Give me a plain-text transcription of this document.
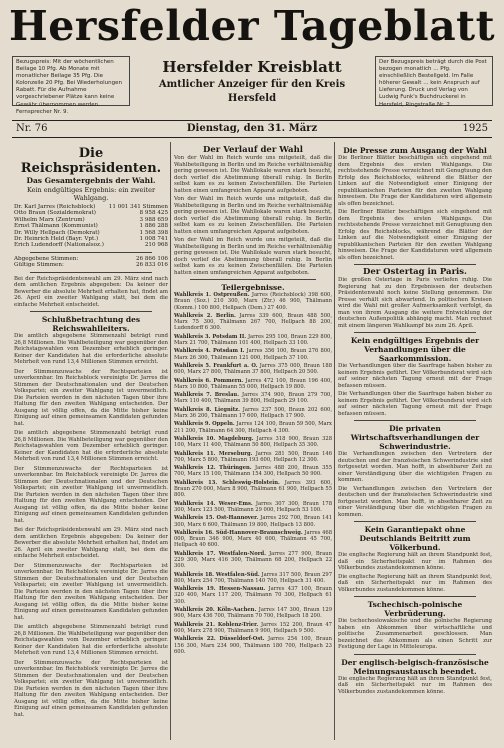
Hersfelder Tageblatt
Bezugspreis: Mit der wöchentlichen Beilage 10 Pfg. Ab Monate mit monatlicher Beilage 35 Pfg. Die Kolonzeile 20 Pfg. Bei Wiederholungen Rabatt. Für die Aufnahme vorgeschriebener Plätze kann keine Gewähr übernommen werden. Fernsprecher Nr. 9.
Hersfelder Kreisblatt
Amtlicher Anzeiger für den Kreis Hersfeld
Der Bezugspreis beträgt durch die Post bezogen monatlich ... Pfg. einschließlich Bestellgeld. Im Falle höherer Gewalt ... kein Anspruch auf Lieferung. Druck und Verlag von Ludwig Funk's Buchdruckerei in Hersfeld, Ringstraße Nr. 2.
Nr. 76	Dienstag, den 31. März	1925
Die Reichspräsidenten.
Das Gesamtergebnis der Wahl.
Kein endgültiges Ergebnis: ein zweiter Wahlgang.
Dr. Karl Jarres (Reichsblock) 11 001 341 Stimmen
Otto Braun (Sozialdemokrat)	8 958 425
Wilhelm Marx (Zentrum)	3 988 659
Ernst Thälmann (Kommunist)	1 886 288
Dr. Willy Hellpach (Demokrat)	1 568 398
Dr. Heinrich Held (Bayr. Vpt.)	1 008 741
Erich Ludendorff (Nationalsoz.)	210 968
Abgegebene Stimmen:	26 866 106
Gültige Stimmen:	26 833 016

Bei der Reichspräsidentenwahl am 29. März sind nach dem amtlichen Ergebnis abgegeben: Da keiner der Bewerber die absolute Mehrheit erhalten hat, findet am 26. April ein zweiter Wahlgang statt, bei dem die einfache Mehrheit entscheidet.

Schlußbetrachtung des Reichswahlleiters.

Die amtlich abgegebene Stimmenzahl beträgt rund 26,8 Millionen. Die Wahlbeteiligung war gegenüber den Reichstagswahlen vom Dezember erheblich geringer. Keiner der Kandidaten hat die erforderliche absolute Mehrheit von rund 13,4 Millionen Stimmen erreicht.

Der Stimmenzuwachs der Rechtsparteien ist unverkennbar. Im Reichsblock vereinigte Dr. Jarres die Stimmen der Deutschnationalen und der Deutschen Volkspartei; ein zweiter Wahlgang ist unvermeidlich. Die Parteien werden in den nächsten Tagen über ihre Haltung für den zweiten Wahlgang entscheiden. Der Ausgang ist völlig offen, da die Mitte bisher keine Einigung auf einen gemeinsamen Kandidaten gefunden hat.

Die amtlich abgegebene Stimmenzahl beträgt rund 26,8 Millionen. Die Wahlbeteiligung war gegenüber den Reichstagswahlen vom Dezember erheblich geringer. Keiner der Kandidaten hat die erforderliche absolute Mehrheit von rund 13,4 Millionen Stimmen erreicht.

Der Stimmenzuwachs der Rechtsparteien ist unverkennbar. Im Reichsblock vereinigte Dr. Jarres die Stimmen der Deutschnationalen und der Deutschen Volkspartei; ein zweiter Wahlgang ist unvermeidlich. Die Parteien werden in den nächsten Tagen über ihre Haltung für den zweiten Wahlgang entscheiden. Der Ausgang ist völlig offen, da die Mitte bisher keine Einigung auf einen gemeinsamen Kandidaten gefunden hat.

Bei der Reichspräsidentenwahl am 29. März sind nach dem amtlichen Ergebnis abgegeben: Da keiner der Bewerber die absolute Mehrheit erhalten hat, findet am 26. April ein zweiter Wahlgang statt, bei dem die einfache Mehrheit entscheidet.

Der Stimmenzuwachs der Rechtsparteien ist unverkennbar. Im Reichsblock vereinigte Dr. Jarres die Stimmen der Deutschnationalen und der Deutschen Volkspartei; ein zweiter Wahlgang ist unvermeidlich. Die Parteien werden in den nächsten Tagen über ihre Haltung für den zweiten Wahlgang entscheiden. Der Ausgang ist völlig offen, da die Mitte bisher keine Einigung auf einen gemeinsamen Kandidaten gefunden hat.

Die amtlich abgegebene Stimmenzahl beträgt rund 26,8 Millionen. Die Wahlbeteiligung war gegenüber den Reichstagswahlen vom Dezember erheblich geringer. Keiner der Kandidaten hat die erforderliche absolute Mehrheit von rund 13,4 Millionen Stimmen erreicht.

Der Stimmenzuwachs der Rechtsparteien ist unverkennbar. Im Reichsblock vereinigte Dr. Jarres die Stimmen der Deutschnationalen und der Deutschen Volkspartei; ein zweiter Wahlgang ist unvermeidlich. Die Parteien werden in den nächsten Tagen über ihre Haltung für den zweiten Wahlgang entscheiden. Der Ausgang ist völlig offen, da die Mitte bisher keine Einigung auf einen gemeinsamen Kandidaten gefunden hat.

Der Verlauf der Wahl

Von der Wahl im Reich wurde uns mitgeteilt, daß die Wahlbeteiligung in Berlin und im Reiche verhältnismäßig gering gewesen ist. Die Wahllokale waren stark besucht, doch verlief die Abstimmung überall ruhig. In Berlin selbst kam es zu keinen Zwischenfällen. Die Parteien hatten einen umfangreichen Apparat aufgeboten.

Von der Wahl im Reich wurde uns mitgeteilt, daß die Wahlbeteiligung in Berlin und im Reiche verhältnismäßig gering gewesen ist. Die Wahllokale waren stark besucht, doch verlief die Abstimmung überall ruhig. In Berlin selbst kam es zu keinen Zwischenfällen. Die Parteien hatten einen umfangreichen Apparat aufgeboten.

Von der Wahl im Reich wurde uns mitgeteilt, daß die Wahlbeteiligung in Berlin und im Reiche verhältnismäßig gering gewesen ist. Die Wahllokale waren stark besucht, doch verlief die Abstimmung überall ruhig. In Berlin selbst kam es zu keinen Zwischenfällen. Die Parteien hatten einen umfangreichen Apparat aufgeboten.

Teilergebnisse.

Wahlkreis 1. Ostpreußen. Jarres (Reichsblock) 398 600, Braun (Soz.) 210 300, Marx (Ztr.) 46 900, Thälmann (Komm.) 100 800, Hellpach (Dem.) 27 400.

Wahlkreis 2. Berlin. Jarres 339 600, Braun 488 500, Marx 75 300, Thälmann 267 700, Hellpach 88 200, Ludendorff 6 300.

Wahlkreis 3. Potsdam II. Jarres 295 100, Braun 229 800, Marx 21 700, Thälmann 101 400, Hellpach 33 100.

Wahlkreis 4. Potsdam I. Jarres 356 100, Braun 276 800, Marx 26 300, Thälmann 121 000, Hellpach 37 100.

Wahlkreis 5. Frankfurt a. O. Jarres 375 000, Braun 188 600, Marx 27 800, Thälmann 37 800, Hellpach 20 500.

Wahlkreis 6. Pommern. Jarres 472 100, Braun 196 400, Marx 10 800, Thälmann 55 000, Hellpach 19 800.

Wahlkreis 7. Breslau. Jarres 374 900, Braun 279 700, Marx 110 400, Thälmann 39 800, Hellpach 29 100.

Wahlkreis 8. Liegnitz. Jarres 237 500, Braun 202 600, Marx 36 200, Thälmann 17 600, Hellpach 17 900.

Wahlkreis 9. Oppeln. Jarres 124 100, Braun 59 500, Marx 211 200, Thälmann 64 300, Hellpach 4 300.

Wahlkreis 10. Magdeburg. Jarres 318 900, Braun 328 100, Marx 11 400, Thälmann 50 800, Hellpach 35 300.

Wahlkreis 11. Merseburg. Jarres 281 500, Braun 146 700, Marx 5 800, Thälmann 193 600, Hellpach 12 300.

Wahlkreis 12. Thüringen. Jarres 488 200, Braun 355 700, Marx 15 100, Thälmann 154 300, Hellpach 50 900.

Wahlkreis 13. Schleswig-Holstein. Jarres 393 600, Braun 270 000, Marx 8 900, Thälmann 61 900, Hellpach 55 800.

Wahlkreis 14. Weser-Ems. Jarres 307 300, Braun 178 300, Marx 123 500, Thälmann 29 000, Hellpach 53 100.

Wahlkreis 15. Ost-Hannover. Jarres 292 700, Braun 141 300, Marx 6 600, Thälmann 19 800, Hellpach 13 800.

Wahlkreis 16. Süd-Hannover-Braunschweig. Jarres 468 000, Braun 346 900, Marx 40 600, Thälmann 45 700, Hellpach 40 600.

Wahlkreis 17. Westfalen-Nord. Jarres 277 900, Braun 229 300, Marx 416 300, Thälmann 68 200, Hellpach 22 300.

Wahlkreis 18. Westfalen-Süd. Jarres 317 500, Braun 297 800, Marx 254 700, Thälmann 140 700, Hellpach 31 400.

Wahlkreis 19. Hessen-Nassau. Jarres 437 100, Braun 320 400, Marx 117 200, Thälmann 70 300, Hellpach 61 300.

Wahlkreis 20. Köln-Aachen. Jarres 147 300, Braun 129 900, Marx 436 700, Thälmann 70 700, Hellpach 18 200.

Wahlkreis 21. Koblenz-Trier. Jarres 152 200, Braun 47 600, Marx 278 900, Thälmann 9 900, Hellpach 9 500.

Wahlkreis 22. Düsseldorf-Ost. Jarres 254 100, Braun 156 300, Marx 234 900, Thälmann 180 700, Hellpach 23 600.

Die Presse zum Ausgang der Wahl

Die Berliner Blätter beschäftigen sich eingehend mit dem Ergebnis des ersten Wahlgangs. Die rechtsstehende Presse verzeichnet mit Genugtuung den Erfolg des Reichsblocks, während die Blätter der Linken auf die Notwendigkeit einer Einigung der republikanischen Parteien für den zweiten Wahlgang hinweisen. Die Frage der Kandidaturen wird allgemein als offen bezeichnet.

Die Berliner Blätter beschäftigen sich eingehend mit dem Ergebnis des ersten Wahlgangs. Die rechtsstehende Presse verzeichnet mit Genugtuung den Erfolg des Reichsblocks, während die Blätter der Linken auf die Notwendigkeit einer Einigung der republikanischen Parteien für den zweiten Wahlgang hinweisen. Die Frage der Kandidaturen wird allgemein als offen bezeichnet.

Der Ostertag in Paris.

Die großen Ostertage in Paris verliefen ruhig. Die Regierung hat zu den Ergebnissen der deutschen Präsidentenwahl noch keine Stellung genommen. Die Presse verhält sich abwartend. In politischen Kreisen wird die Wahl mit großer Aufmerksamkeit verfolgt, da man von ihrem Ausgang die weitere Entwicklung der deutschen Außenpolitik abhängig macht. Man rechnet mit einem längeren Wahlkampf bis zum 26. April.

Kein endgültiges Ergebnis der Verhandlungen über die Saarkommission.

Die Verhandlungen über die Saarfrage haben bisher zu keinem Ergebnis geführt. Der Völkerbundsrat wird sich auf seiner nächsten Tagung erneut mit der Frage befassen müssen.

Die Verhandlungen über die Saarfrage haben bisher zu keinem Ergebnis geführt. Der Völkerbundsrat wird sich auf seiner nächsten Tagung erneut mit der Frage befassen müssen.

Die privaten Wirtschaftsverhandlungen der Schwerindustrie.

Die Verhandlungen zwischen den Vertretern der deutschen und der französischen Schwerindustrie sind fortgesetzt worden. Man hofft, in absehbarer Zeit zu einer Verständigung über die wichtigsten Fragen zu kommen.

Die Verhandlungen zwischen den Vertretern der deutschen und der französischen Schwerindustrie sind fortgesetzt worden. Man hofft, in absehbarer Zeit zu einer Verständigung über die wichtigsten Fragen zu kommen.

Kein Garantiepakt ohne Deutschlands Beitritt zum Völkerbund.

Die englische Regierung hält an ihrem Standpunkt fest, daß ein Sicherheitspakt nur im Rahmen des Völkerbundes zustandekommen könne.

Die englische Regierung hält an ihrem Standpunkt fest, daß ein Sicherheitspakt nur im Rahmen des Völkerbundes zustandekommen könne.

Tschechisch-polnische Verbrüderung.

Die tschechoslowakische und die polnische Regierung haben ein Abkommen über wirtschaftliche und politische Zusammenarbeit geschlossen. Man bezeichnet das Abkommen als einen Schritt zur Festigung der Lage in Mitteleuropa.

Der englisch-belgisch-französische Meinungsaustausch beendet.

Die englische Regierung hält an ihrem Standpunkt fest, daß ein Sicherheitspakt nur im Rahmen des Völkerbundes zustandekommen könne.
